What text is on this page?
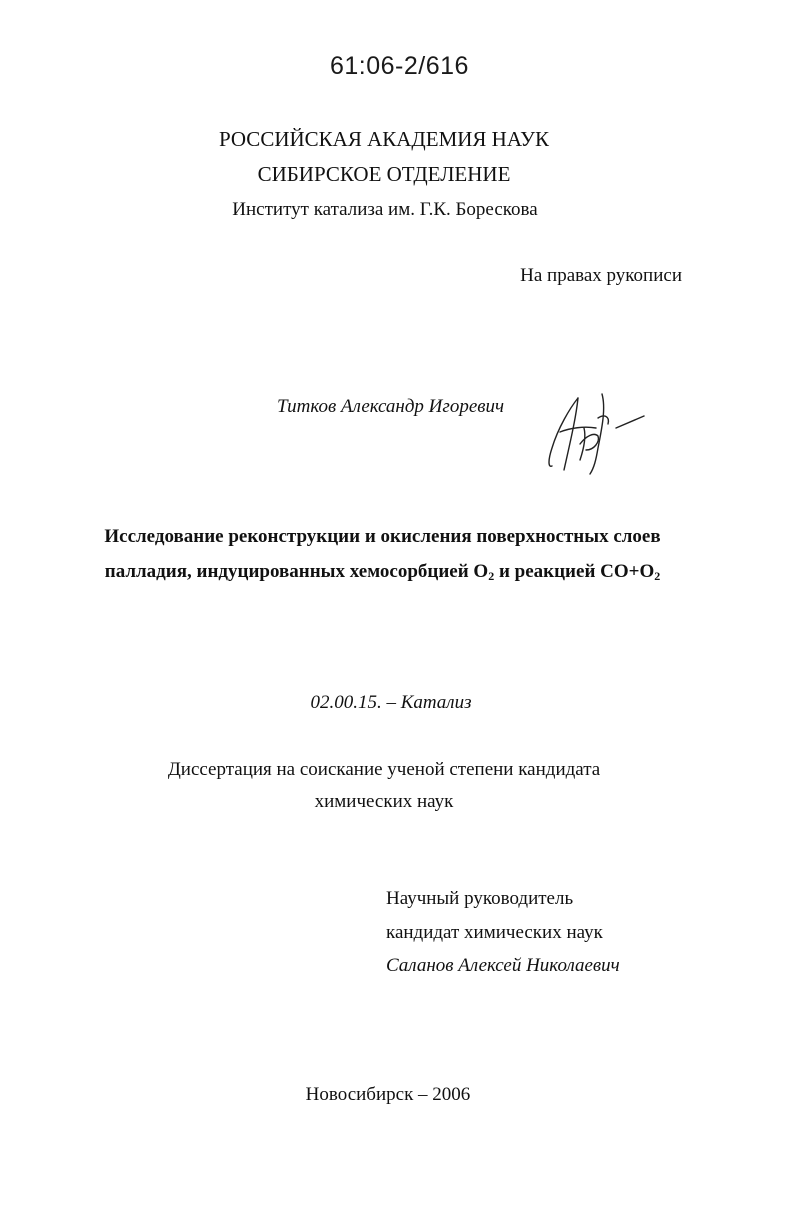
61:06-2/616
РОССИЙСКАЯ АКАДЕМИЯ НАУК
СИБИРСКОЕ ОТДЕЛЕНИЕ
Институт катализа им. Г.К. Борескова
На правах рукописи
Титков Александр Игоревич
Исследование реконструкции и окисления поверхностных слоев
палладия, индуцированных хемосорбцией $O_2$ и реакцией $CO+O_2$
02.00.15. – Катализ
Диссертация на соискание ученой степени кандидата
химических наук
Научный руководитель
кандидат химических наук
Саланов Алексей Николаевич
Новосибирск – 2006
